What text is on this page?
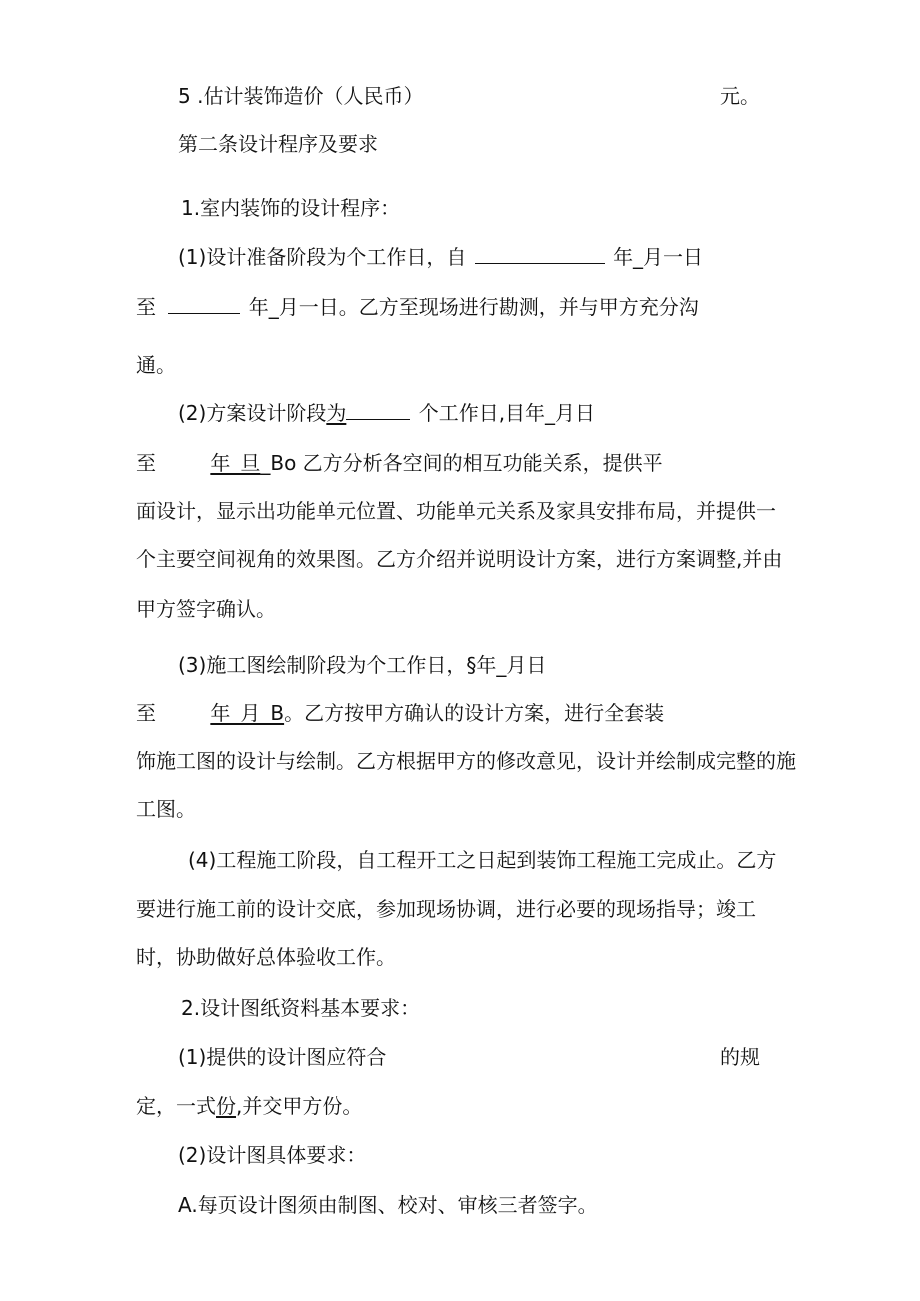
5 .估计装饰造价（人民币）	元。
第二条设计程序及要求
1.室内装饰的设计程序：
(1)设计准备阶段为个工作日，自	年_月一日
至	年_月一日。乙方至现场进行勘测，并与甲方充分沟
通。
(2)方案设计阶段为	个工作日,目年_月日
至	年_旦_Bo 乙方分析各空间的相互功能关系，提供平
面设计，显示出功能单元位置、功能单元关系及家具安排布局，并提供一
个主要空间视角的效果图。乙方介绍并说明设计方案，进行方案调整,并由
甲方签字确认。
(3)施工图绘制阶段为个工作日，§年_月日
至	年_月_B。乙方按甲方确认的设计方案，进行全套装
饰施工图的设计与绘制。乙方根据甲方的修改意见，设计并绘制成完整的施
工图。
(4)工程施工阶段，自工程开工之日起到装饰工程施工完成止。乙方
要进行施工前的设计交底，参加现场协调，进行必要的现场指导；竣工
时，协助做好总体验收工作。
2.设计图纸资料基本要求：
(1)提供的设计图应符合	的规
定，一式份,并交甲方份。
(2)设计图具体要求：
A.每页设计图须由制图、校对、审核三者签字。
